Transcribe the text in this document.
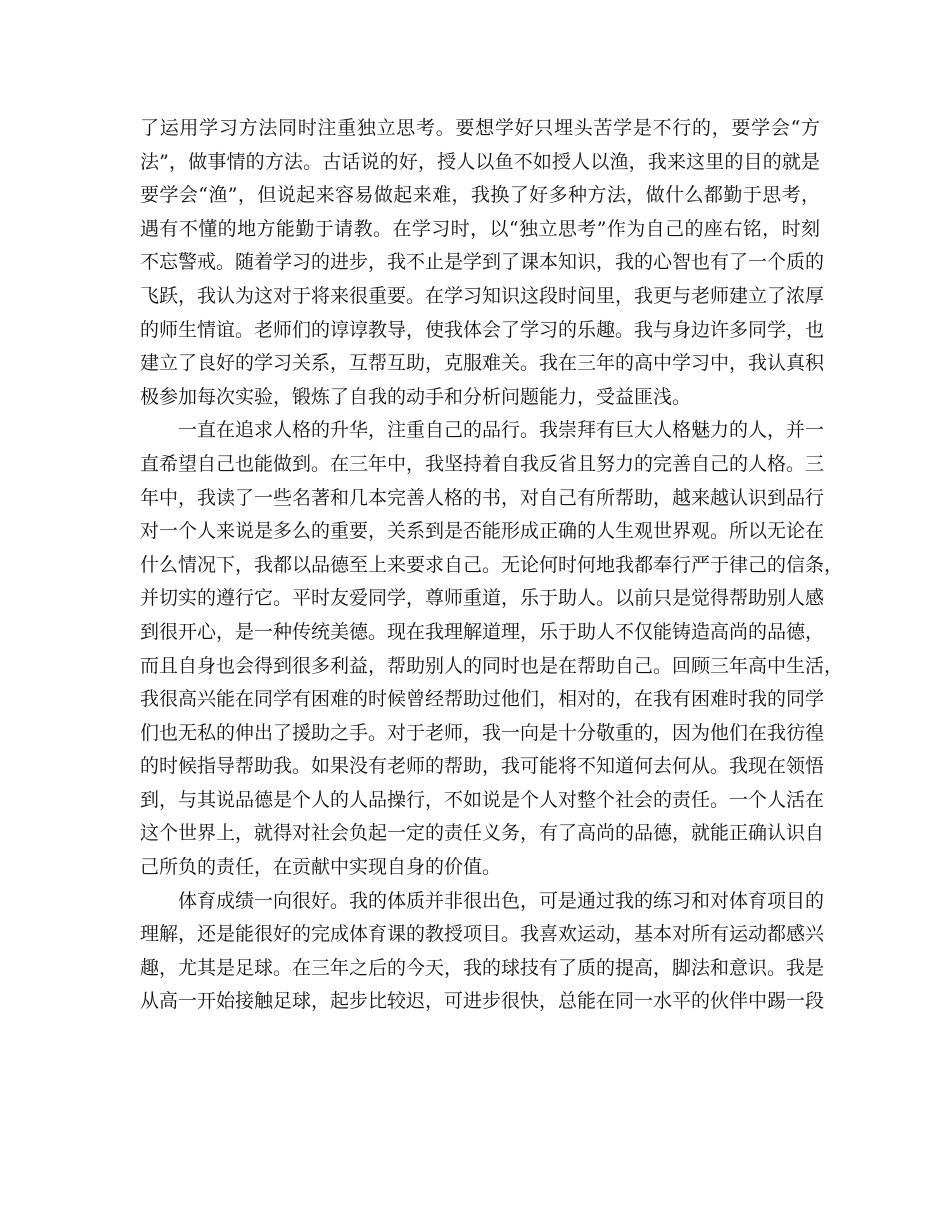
了运用学习方法同时注重独立思考。要想学好只埋头苦学是不行的，要学会“方
法”，做事情的方法。古话说的好，授人以鱼不如授人以渔，我来这里的目的就是
要学会“渔”，但说起来容易做起来难，我换了好多种方法，做什么都勤于思考，
遇有不懂的地方能勤于请教。在学习时，以“独立思考”作为自己的座右铭，时刻
不忘警戒。随着学习的进步，我不止是学到了课本知识，我的心智也有了一个质的
飞跃，我认为这对于将来很重要。在学习知识这段时间里，我更与老师建立了浓厚
的师生情谊。老师们的谆谆教导，使我体会了学习的乐趣。我与身边许多同学，也
建立了良好的学习关系，互帮互助，克服难关。我在三年的高中学习中，我认真积
极参加每次实验，锻炼了自我的动手和分析问题能力，受益匪浅。
一直在追求人格的升华，注重自己的品行。我崇拜有巨大人格魅力的人，并一
直希望自己也能做到。在三年中，我坚持着自我反省且努力的完善自己的人格。三
年中，我读了一些名著和几本完善人格的书，对自己有所帮助，越来越认识到品行
对一个人来说是多么的重要，关系到是否能形成正确的人生观世界观。所以无论在
什么情况下，我都以品德至上来要求自己。无论何时何地我都奉行严于律己的信条，
并切实的遵行它。平时友爱同学，尊师重道，乐于助人。以前只是觉得帮助别人感
到很开心，是一种传统美德。现在我理解道理，乐于助人不仅能铸造高尚的品德，
而且自身也会得到很多利益，帮助别人的同时也是在帮助自己。回顾三年高中生活，
我很高兴能在同学有困难的时候曾经帮助过他们，相对的，在我有困难时我的同学
们也无私的伸出了援助之手。对于老师，我一向是十分敬重的，因为他们在我彷徨
的时候指导帮助我。如果没有老师的帮助，我可能将不知道何去何从。我现在领悟
到，与其说品德是个人的人品操行，不如说是个人对整个社会的责任。一个人活在
这个世界上，就得对社会负起一定的责任义务，有了高尚的品德，就能正确认识自
己所负的责任，在贡献中实现自身的价值。
体育成绩一向很好。我的体质并非很出色，可是通过我的练习和对体育项目的
理解，还是能很好的完成体育课的教授项目。我喜欢运动，基本对所有运动都感兴
趣，尤其是足球。在三年之后的今天，我的球技有了质的提高，脚法和意识。我是
从高一开始接触足球，起步比较迟，可进步很快，总能在同一水平的伙伴中踢一段
